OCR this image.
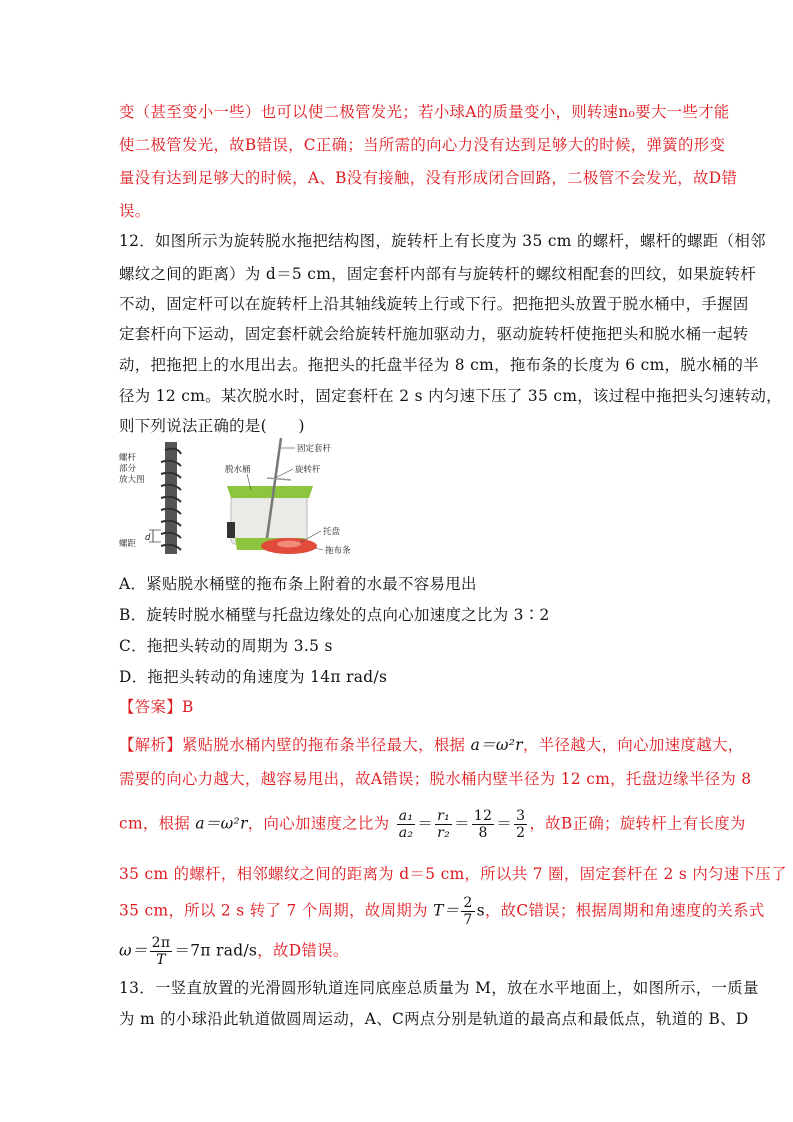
变（甚至变小一些）也可以使二极管发光；若小球A的质量变小，则转速n₀要大一些才能
使二极管发光，故B错误，C正确；当所需的向心力没有达到足够大的时候，弹簧的形变
量没有达到足够大的时候，A、B没有接触，没有形成闭合回路，二极管不会发光，故D错
误。
12．如图所示为旋转脱水拖把结构图，旋转杆上有长度为 35 cm 的螺杆，螺杆的螺距（相邻
螺纹之间的距离）为 d＝5 cm，固定套杆内部有与旋转杆的螺纹相配套的凹纹，如果旋转杆
不动，固定杆可以在旋转杆上沿其轴线旋转上行或下行。把拖把头放置于脱水桶中，手握固
定套杆向下运动，固定套杆就会给旋转杆施加驱动力，驱动旋转杆使拖把头和脱水桶一起转
动，把拖把上的水甩出去。拖把头的托盘半径为 8 cm，拖布条的长度为 6 cm，脱水桶的半
径为 12 cm。某次脱水时，固定套杆在 2 s 内匀速下压了 35 cm，该过程中拖把头匀速转动，
则下列说法正确的是(　　)
螺杆
部分
放大图
螺距
d
固定套杆
脱水桶	旋转杆
托盘
拖布条
A．紧贴脱水桶壁的拖布条上附着的水最不容易甩出
B．旋转时脱水桶壁与托盘边缘处的点向心加速度之比为 3∶2
C．拖把头转动的周期为 3.5 s
D．拖把头转动的角速度为 14π rad/s
【答案】B
【解析】紧贴脱水桶内壁的拖布条半径最大，根据 a＝ω²r，半径越大，向心加速度越大，
需要的向心力越大，越容易甩出，故A错误；脱水桶内壁半径为 12 cm，托盘边缘半径为 8
cm，根据 a＝ω²r，向心加速度之比为 $\frac{\text{a₁}}{\text{a₂}} = \frac{\text{r₁}}{\text{r₂}} = \frac{12}{8} = \frac{3}{2}$ ，故B正确；旋转杆上有长度为
35 cm 的螺杆，相邻螺纹之间的距离为 d＝5 cm，所以共 7 圈，固定套杆在 2 s 内匀速下压了
35 cm，所以 2 s 转了 7 个周期，故周期为 $T= \frac{2}{7}$ s，故C错误；根据周期和角速度的关系式
$\omega= \frac{2\pi}{T} =7\pi$ rad/s，故D错误。
13．一竖直放置的光滑圆形轨道连同底座总质量为 M，放在水平地面上，如图所示，一质量
为 m 的小球沿此轨道做圆周运动，A、C两点分别是轨道的最高点和最低点，轨道的 B、D
